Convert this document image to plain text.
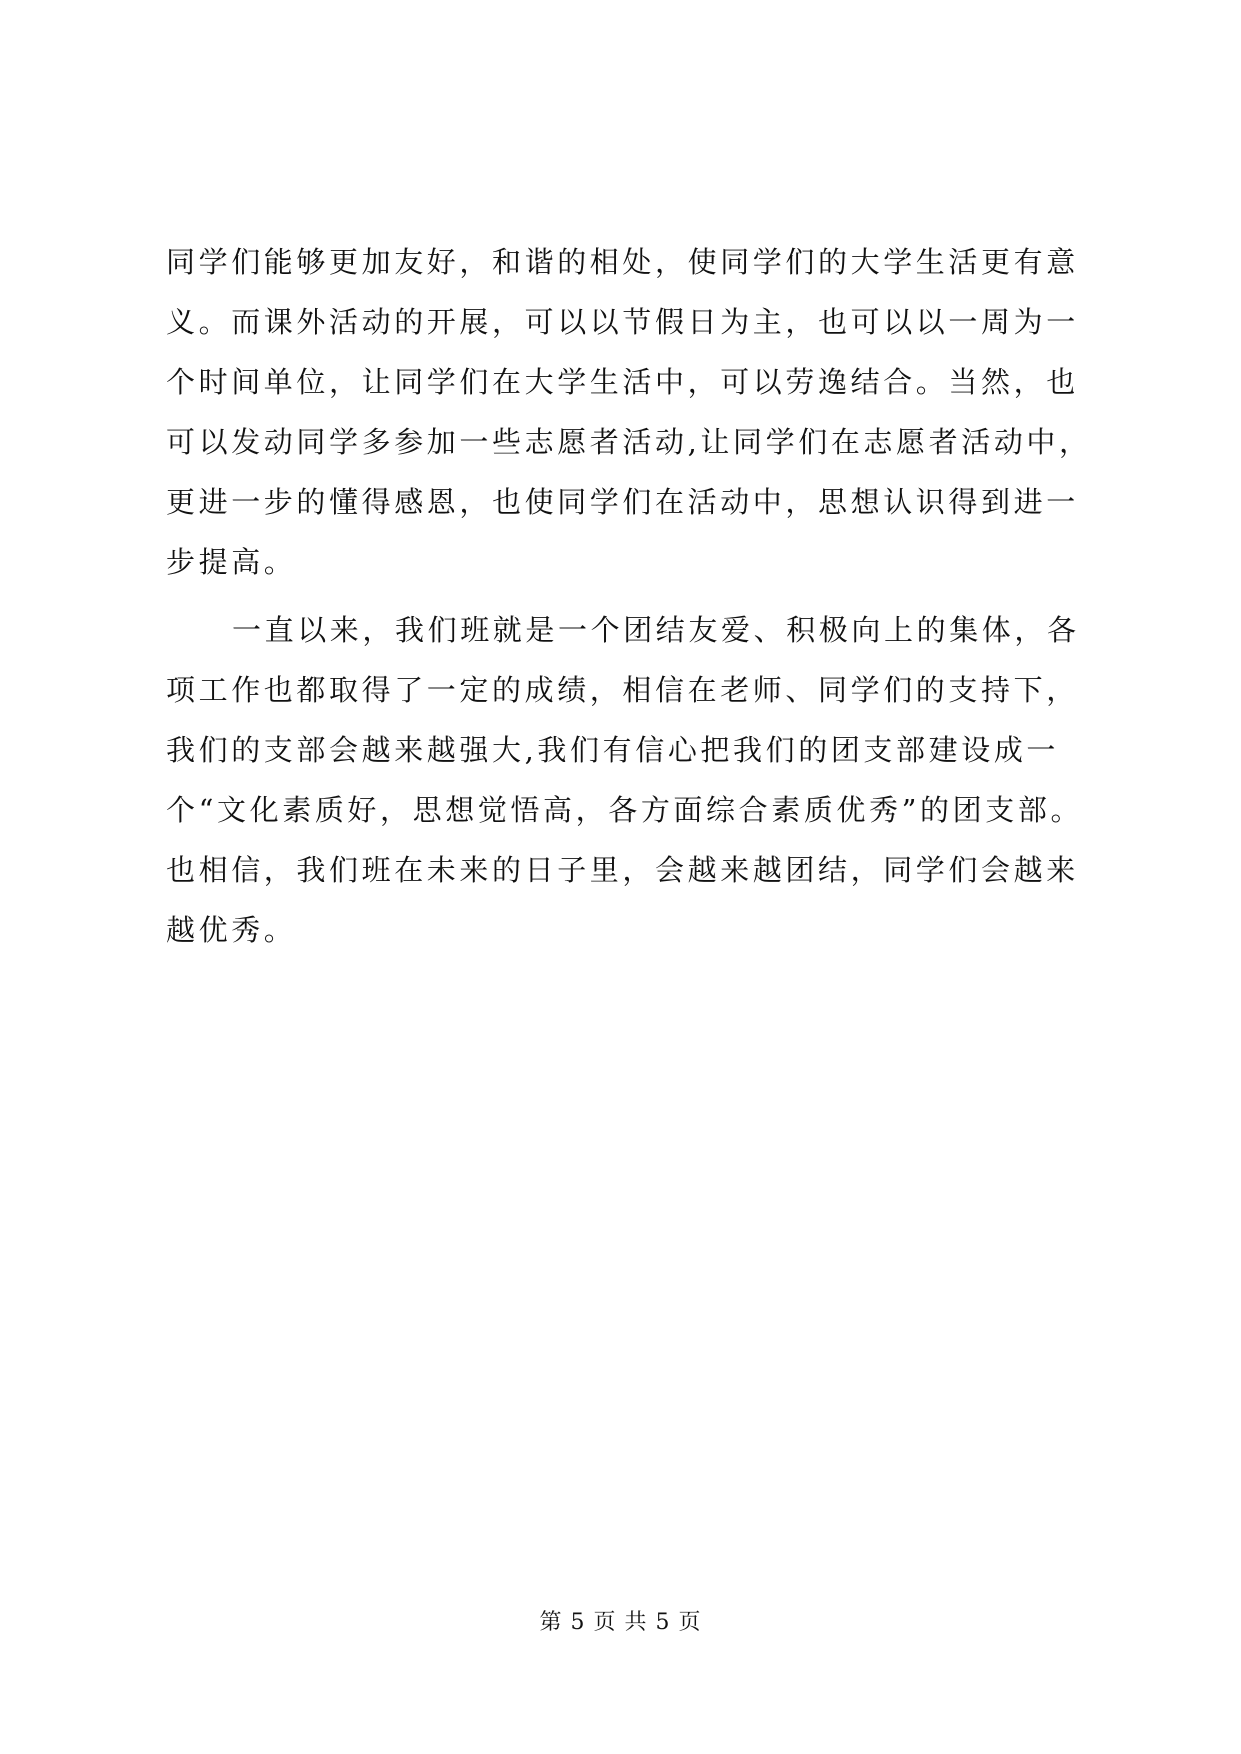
同学们能够更加友好，和谐的相处，使同学们的大学生活更有意
义。而课外活动的开展，可以以节假日为主，也可以以一周为一
个时间单位，让同学们在大学生活中，可以劳逸结合。当然，也
可以发动同学多参加一些志愿者活动,让同学们在志愿者活动中，
更进一步的懂得感恩，也使同学们在活动中，思想认识得到进一
步提高。
一直以来，我们班就是一个团结友爱、积极向上的集体，各
项工作也都取得了一定的成绩，相信在老师、同学们的支持下，
我们的支部会越来越强大,我们有信心把我们的团支部建设成一
个“文化素质好，思想觉悟高，各方面综合素质优秀”的团支部。
也相信，我们班在未来的日子里，会越来越团结，同学们会越来
越优秀。
第 5 页 共 5 页
